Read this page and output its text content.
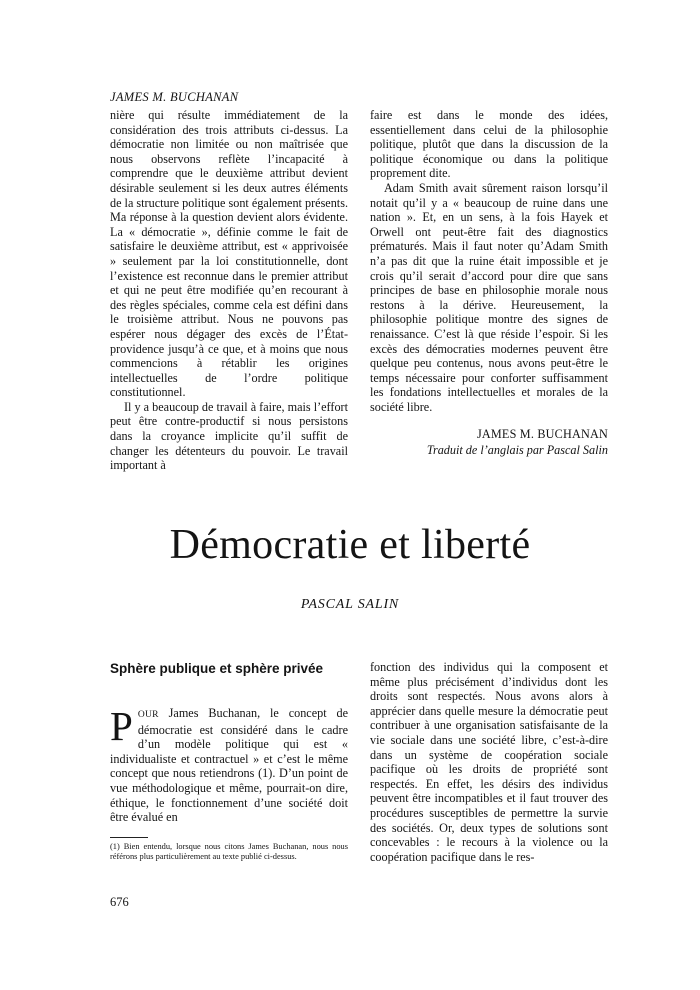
JAMES M. BUCHANAN

nière qui résulte immédiatement de la considération des trois attributs ci-dessus. La démocratie non limitée ou non maîtrisée que nous observons reflète l’incapacité à comprendre que le deuxième attribut devient désirable seulement si les deux autres éléments de la structure politique sont également présents. Ma réponse à la question devient alors évidente. La « démocratie », définie comme le fait de satisfaire le deuxième attribut, est « apprivoisée » seulement par la loi constitutionnelle, dont l’existence est reconnue dans le premier attribut et qui ne peut être modifiée qu’en recourant à des règles spéciales, comme cela est défini dans le troisième attribut. Nous ne pouvons pas espérer nous dégager des excès de l’État-providence jusqu’à ce que, et à moins que nous commencions à rétablir les origines intellectuelles de l’ordre politique constitutionnel.

Il y a beaucoup de travail à faire, mais l’effort peut être contre-productif si nous persistons dans la croyance implicite qu’il suffit de changer les détenteurs du pouvoir. Le travail important à

faire est dans le monde des idées, essentiellement dans celui de la philosophie politique, plutôt que dans la discussion de la politique économique ou dans la politique proprement dite.

Adam Smith avait sûrement raison lorsqu’il notait qu’il y a « beaucoup de ruine dans une nation ». Et, en un sens, à la fois Hayek et Orwell ont peut-être fait des diagnostics prématurés. Mais il faut noter qu’Adam Smith n’a pas dit que la ruine était impossible et je crois qu’il serait d’accord pour dire que sans principes de base en philosophie morale nous restons à la dérive. Heureusement, la philosophie politique montre des signes de renaissance. C’est là que réside l’espoir. Si les excès des démocraties modernes peuvent être quelque peu contenus, nous avons peut-être le temps nécessaire pour conforter suffisamment les fondations intellectuelles et morales de la société libre.

JAMES M. BUCHANAN
Traduit de l’anglais par Pascal Salin
Démocratie et liberté
PASCAL SALIN
Sphère publique et sphère privée

POUR James Buchanan, le concept de démocratie est considéré dans le cadre d’un modèle politique qui est « individualiste et contractuel » et c’est le même concept que nous retiendrons (1). D’un point de vue méthodologique et même, pourrait-on dire, éthique, le fonctionnement d’une société doit être évalué en

(1) Bien entendu, lorsque nous citons James Buchanan, nous nous référons plus particulièrement au texte publié ci-dessus.

fonction des individus qui la composent et même plus précisément d’individus dont les droits sont respectés. Nous avons alors à apprécier dans quelle mesure la démocratie peut contribuer à une organisation satisfaisante de la vie sociale dans une société libre, c’est-à-dire dans un système de coopération sociale pacifique où les droits de propriété sont respectés. En effet, les désirs des individus peuvent être incompatibles et il faut trouver des procédures susceptibles de permettre la survie des sociétés. Or, deux types de solutions sont concevables : le recours à la violence ou la coopération pacifique dans le res-

676
